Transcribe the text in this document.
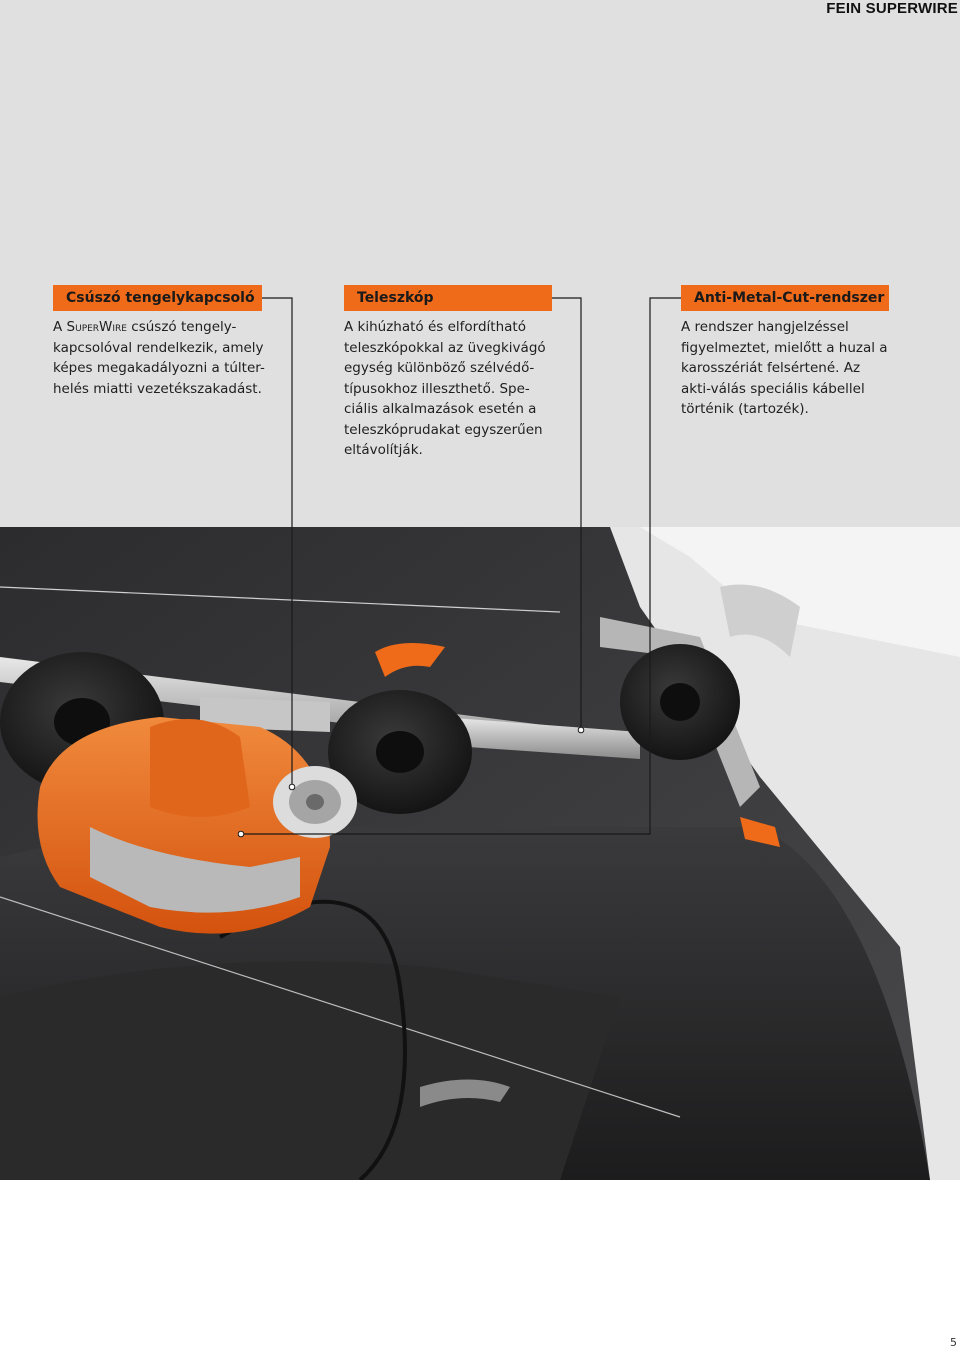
FEIN SUPERWIRE
Csúszó tengelykapcsoló

A SuperWire csúszó tengely-kapcsolóval rendelkezik, amely képes megakadályozni a túlter-helés miatti vezetékszakadást.

Teleszkóp

A kihúzható és elfordítható teleszkópokkal az üvegkivágó egység különböző szélvédő-típusokhoz illeszthető. Spe-ciális alkalmazások esetén a teleszkóprudakat egyszerűen eltávolítják.

Anti-Metal-Cut-rendszer

A rendszer hangjelzéssel figyelmeztet, mielőtt a huzal a karosszériát felsértené. Az akti-válás speciális kábellel történik (tartozék).

5
